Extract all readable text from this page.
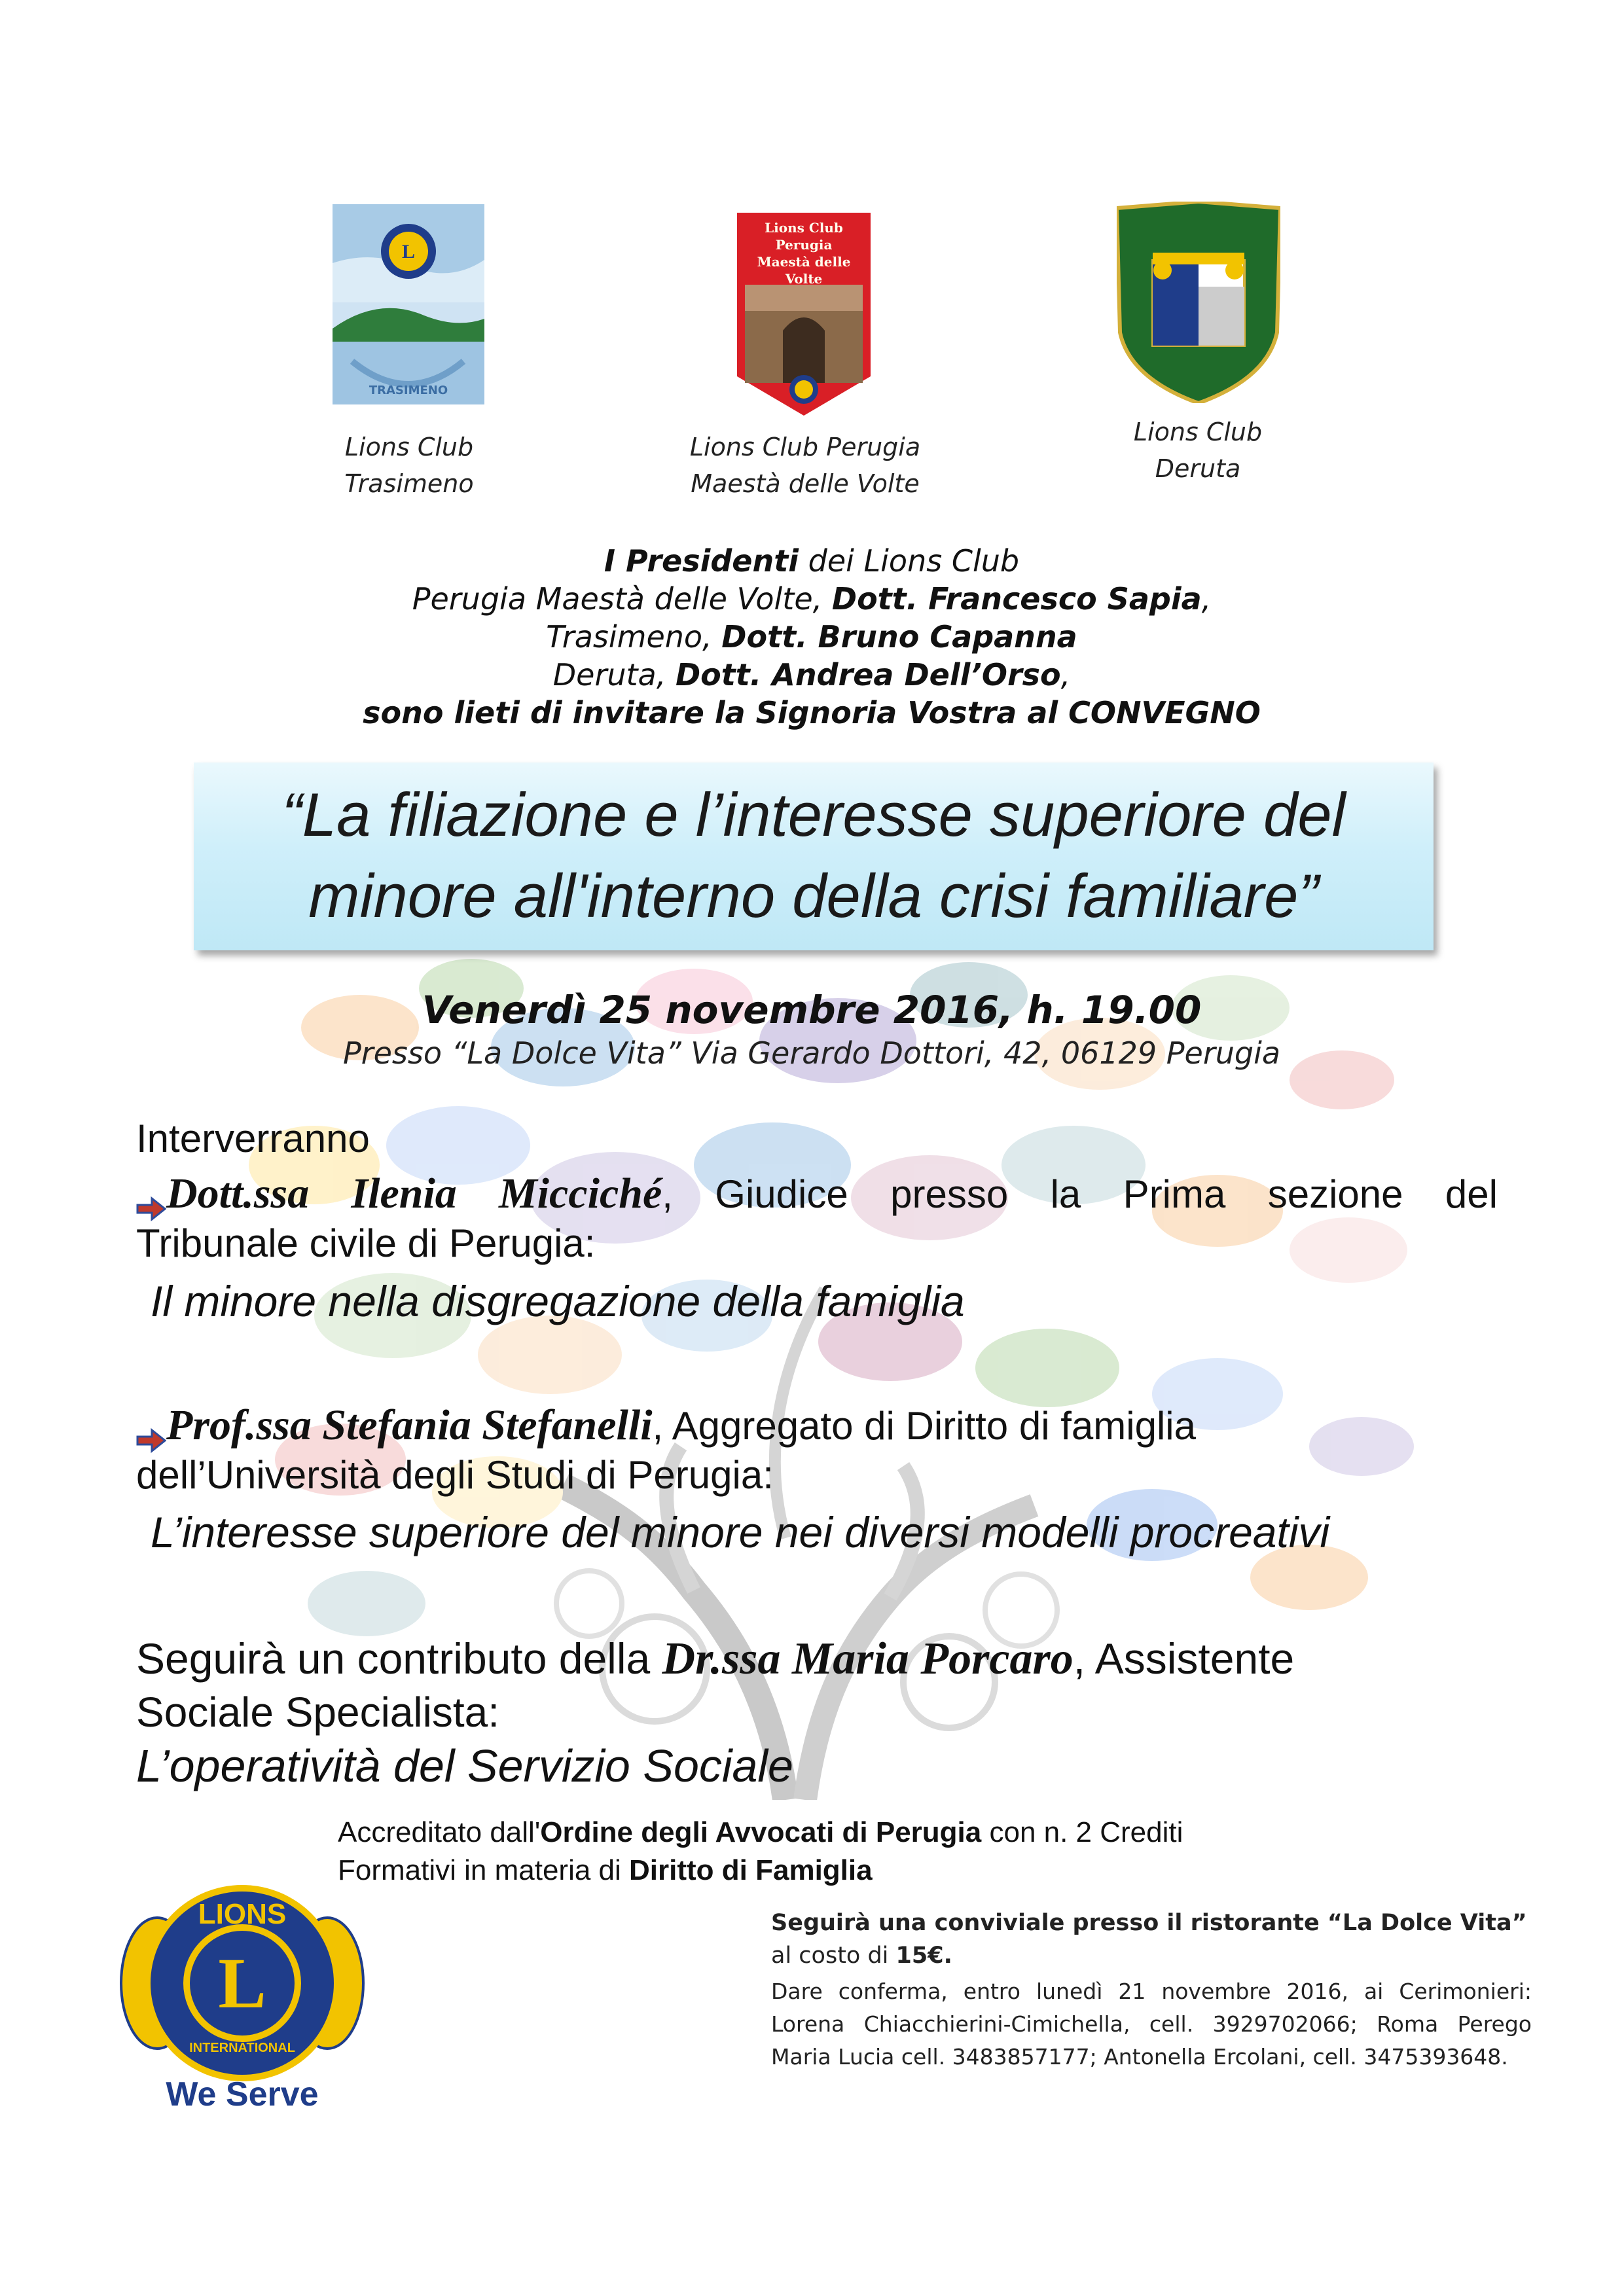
L
TRASIMENO
Lions Club
Trasimeno
Lions Club
Perugia
Maestà delle Volte
Lions Club Perugia
Maestà delle Volte
Lions Club
Deruta
I Presidenti dei Lions Club
Perugia Maestà delle Volte, Dott. Francesco Sapia,
Trasimeno, Dott. Bruno Capanna
Deruta, Dott. Andrea Dell’Orso,
sono lieti di invitare la Signoria Vostra al CONVEGNO
“La filiazione e l’interesse superiore del
minore all'interno della crisi familiare”
Venerdì 25 novembre 2016, h. 19.00
Presso “La Dolce Vita” Via Gerardo Dottori, 42, 06129 Perugia
Interverranno
Dott.ssa Ilenia Micciché, Giudice presso la Prima sezione del
Tribunale civile di Perugia:
Il minore nella disgregazione della famiglia
Prof.ssa Stefania Stefanelli, Aggregato di Diritto di famiglia
dell’Università degli Studi di Perugia:
L’interesse superiore del minore nei diversi modelli procreativi
Seguirà un contributo della Dr.ssa Maria Porcaro, Assistente
Sociale Specialista:
L’operatività del Servizio Sociale
Accreditato dall'Ordine degli Avvocati di Perugia con n. 2 Crediti
Formativi in materia di Diritto di Famiglia
LIONS
L
INTERNATIONAL
We Serve
Seguirà una conviviale presso il ristorante “La Dolce Vita”
al costo di 15€.
Dare conferma, entro lunedì 21 novembre 2016, ai Cerimonieri: Lorena Chiacchierini-Cimichella, cell. 3929702066; Roma Perego Maria Lucia cell. 3483857177; Antonella Ercolani, cell. 3475393648.
